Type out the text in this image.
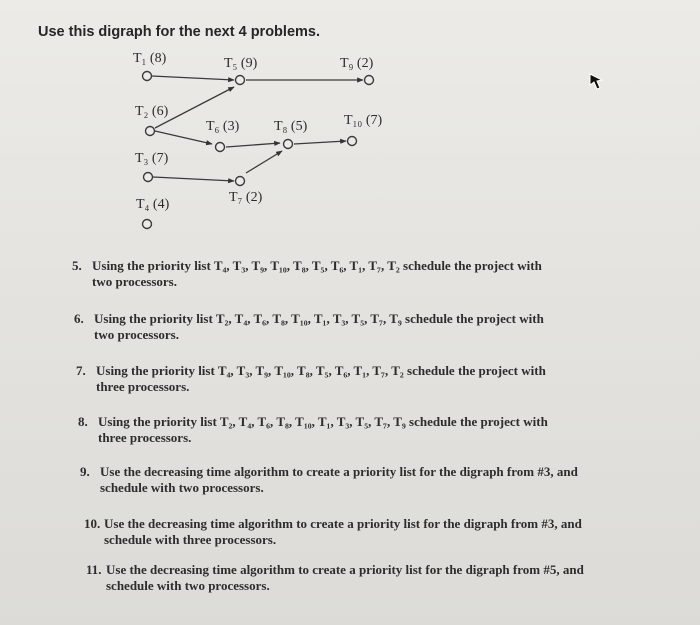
Use this digraph for the next 4 problems.
T₁ (8)	T₅ (9)	T₉ (2)
T₂ (6)
T₆ (3) T₈ (5)	T₁₀ (7)
T₃ (7)
T₇ (2)
T₄ (4)
5. Using the priority list T₄, T₃, T₉, T₁₀, T₈, T₅, T₆, T₁, T₇, T₂ schedule the project with
two processors.
6. Using the priority list T₂, T₄, T₆, T₈, T₁₀, T₁, T₃, T₅, T₇, T₉ schedule the project with
two processors.
7. Using the priority list T₄, T₃, T₉, T₁₀, T₈, T₅, T₆, T₁, T₇, T₂ schedule the project with
three processors.
8. Using the priority list T₂, T₄, T₆, T₈, T₁₀, T₁, T₃, T₅, T₇, T₉ schedule the project with
three processors.
9. Use the decreasing time algorithm to create a priority list for the digraph from #3, and
schedule with two processors.
10. Use the decreasing time algorithm to create a priority list for the digraph from #3, and
schedule with three processors.
11. Use the decreasing time algorithm to create a priority list for the digraph from #5, and
schedule with two processors.
